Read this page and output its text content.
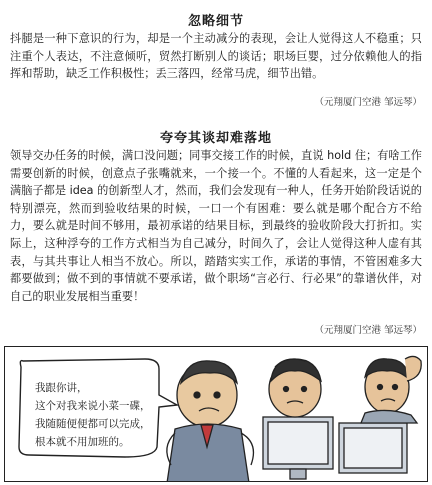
忽略细节

抖腿是一种下意识的行为，却是一个主动减分的表现，会让人觉得这人不稳重；只注重个人表达，不注意倾听，贸然打断别人的谈话；职场巨婴，过分依赖他人的指挥和帮助，缺乏工作积极性；丢三落四，经常马虎，细节出错。

（元翔厦门空港 邹远琴）
夸夸其谈却难落地

领导交办任务的时候，满口没问题；同事交接工作的时候，直说 hold 住；有啥工作需要创新的时候，创意点子张嘴就来，一个接一个。不懂的人看起来，这一定是个满脑子都是 idea 的创新型人才，然而，我们会发现有一种人，任务开始阶段话说的特别漂亮，然而到验收结果的时候，一口一个有困难：要么就是哪个配合方不给力，要么就是时间不够用，最初承诺的结果目标，到最终的验收阶段大打折扣。实际上，这种浮夸的工作方式相当为自己减分，时间久了，会让人觉得这种人虚有其表，与其共事让人相当不放心。所以，踏踏实实工作，承诺的事情，不管困难多大都要做到；做不到的事情就不要承诺，做个职场“言必行、行必果”的靠谱伙伴，对自己的职业发展相当重要！

（元翔厦门空港 邹远琴）

我跟你讲，
这个对我来说小菜一碟，
我随随便便都可以完成，
根本就不用加班的。
